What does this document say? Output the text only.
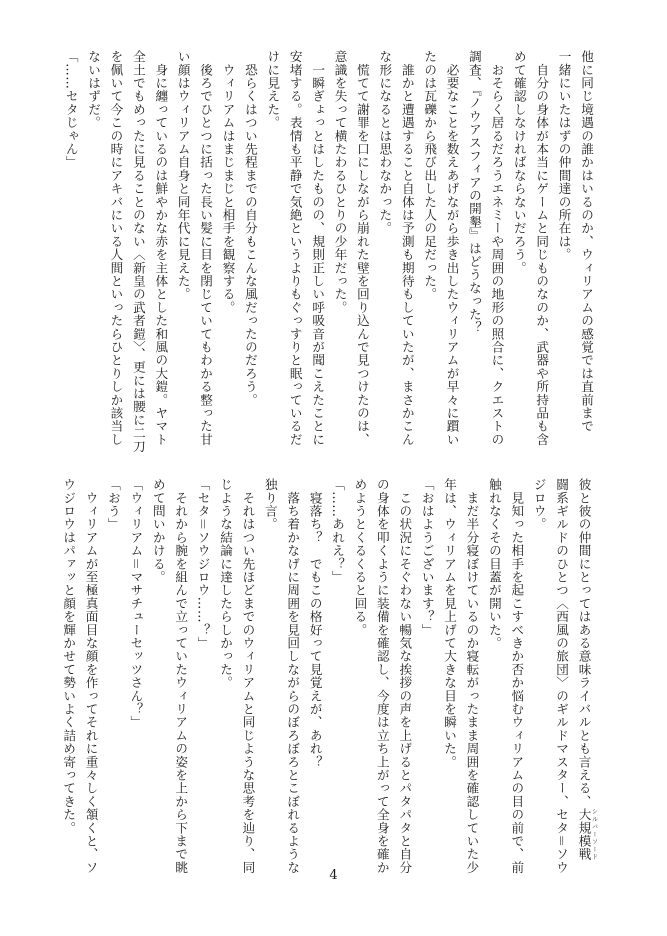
他に同じ境遇の誰かはいるのか、ウィリアムの感覚では直前まで
一緒にいたはずの仲間達の所在は。
　自分の身体が本当にゲームと同じものなのか、武器や所持品も含
めて確認しなければならないだろう。
　おそらく居るだろうエネミーや周囲の地形の照合に、クエストの
調査、『ノウアスフィアの開墾』はどうなった？
　必要なことを数えあげながら歩き出したウィリアムが早々に躓い
たのは瓦礫から飛び出した人の足だった。
　誰かと遭遇すること自体は予測も期待もしていたが、まさかこん
な形になるとは思わなかった。
　慌てて謝罪を口にしながら崩れた壁を回り込んで見つけたのは、
意識を失って横たわるひとりの少年だった。
　一瞬ぎょっとはしたものの、規則正しい呼吸音が聞こえたことに
安堵する。表情も平静で気絶というよりもぐっすりと眠っているだ
けに見えた。
　恐らくはつい先程までの自分もこんな風だったのだろう。
　ウィリアムはまじまじと相手を観察する。
　後ろでひとつに括った長い髪に目を閉じていてもわかる整った甘
い顔はウィリアム自身と同年代に見えた。
　身に纏っているのは鮮やかな赤を主体とした和風の大鎧。ヤマト
全土でもめったに見ることのない〈新皇の武者鎧〉、更には腰に二刀
を佩いて今この時にアキバにいる人間といったらひとりしか該当し
ないはずだ。
「……セタじゃん」
彼と彼の仲間にとってはある意味ライバルとも言える、大規模戦 シルバーソード
闘系ギルドのひとつ〈西風の旅団〉のギルドマスター、セタ＝ソウ
ジロウ。
　見知った相手を起こすべきか否か悩むウィリアムの目の前で、前
触れなくその目蓋が開いた。
　まだ半分寝ぼけているのか寝転がったまま周囲を確認していた少
年は、ウィリアムを見上げて大きな目を瞬いた。
「おはようございます？」
　この状況にそぐわない暢気な挨拶の声を上げるとパタパタと自分
の身体を叩くように装備を確認し、今度は立ち上がって全身を確か
めようとくるくると回る。
「……あれえ？」
　寝落ち？　でもこの格好って見覚えが、あれ？
　落ち着かなげに周囲を見回しながらのぼろぼろとこぼれるような
独り言。
　それはつい先ほどまでのウィリアムと同じような思考を辿り、同
じような結論に達したらしかった。
「セタ＝ソウジロウ……？」
　それから腕を組んで立っていたウィリアムの姿を上から下まで眺
めて問いかける。
「ウィリアム＝マサチューセッツさん？」
「おう」
　ウィリアムが至極真面目な顔を作ってそれに重々しく頷くと、ソ
ウジロウはパァッと顔を輝かせて勢いよく詰め寄ってきた。
4
